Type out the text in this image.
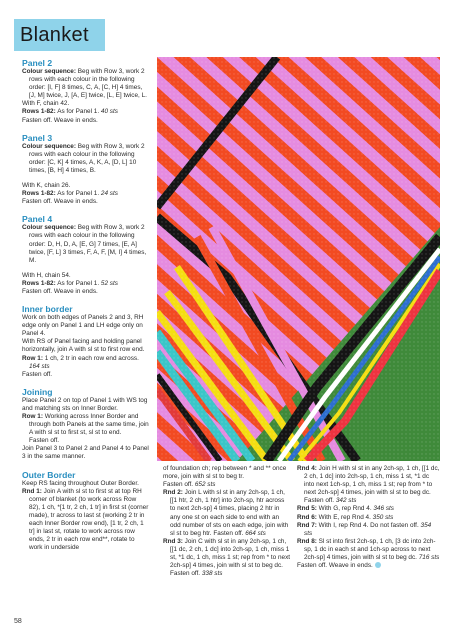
Blanket

Panel 2

Colour sequence: Beg with Row 3, work 2 rows with each colour in the following order: [I, F] 8 times, C, A, [C, H] 4 times, [J, M] twice, J, [A, E] twice, [L, E] twice, L.

With F, chain 42.

Rows 1-82: As for Panel 1. 40 sts

Fasten off. Weave in ends.

Panel 3

Colour sequence: Beg with Row 3, work 2 rows with each colour in the following order: [C, K] 4 times, A, K, A, [D, L] 10 times, [B, H] 4 times, B.

With K, chain 26.

Rows 1-82: As for Panel 1. 24 sts

Fasten off. Weave in ends.

Panel 4

Colour sequence: Beg with Row 3, work 2 rows with each colour in the following order: D, H, D, A, [E, G] 7 times, [E, A] twice, [F, L] 3 times, F, A, F, [M, I] 4 times, M.

With H, chain 54.

Rows 1-82: As for Panel 1. 52 sts

Fasten off. Weave in ends.

Inner border

Work on both edges of Panels 2 and 3, RH edge only on Panel 1 and LH edge only on Panel 4.

With RS of Panel facing and holding panel horizontally, join A with sl st to first row end.

Row 1: 1 ch, 2 tr in each row end across.

164 sts

Fasten off.

Joining

Place Panel 2 on top of Panel 1 with WS tog and matching sts on Inner Border.

Row 1: Working across Inner Border and through both Panels at the same time, join A with sl st to first st, sl st to end.

Fasten off.

Join Panel 3 to Panel 2 and Panel 4 to Panel 3 in the same manner.

Outer Border

Keep RS facing throughout Outer Border.

Rnd 1: Join A with sl st to first st at top RH corner of blanket (to work across Row 82), 1 ch, *[1 tr, 2 ch, 1 tr] in first st (corner made), tr across to last st (working 2 tr in each Inner Border row end), [1 tr, 2 ch, 1 tr] in last st, rotate to work across row ends, 2 tr in each row end**, rotate to work in underside

of foundation ch; rep between * and ** once more, join with sl st to beg tr.

Fasten off. 652 sts

Rnd 2: Join L with sl st in any 2ch-sp, 1 ch, [[1 htr, 2 ch, 1 htr] into 2ch-sp, htr across to next 2ch-sp] 4 times, placing 2 htr in any one st on each side to end with an odd number of sts on each edge, join with sl st to beg htr. Fasten off. 664 sts

Rnd 3: Join C with sl st in any 2ch-sp, 1 ch, [[1 dc, 2 ch, 1 dc] into 2ch-sp, 1 ch, miss 1 st, *1 dc, 1 ch, miss 1 st; rep from * to next 2ch-sp] 4 times, join with sl st to beg dc. Fasten off. 338 sts

Rnd 4: Join H with sl st in any 2ch-sp, 1 ch, [[1 dc, 2 ch, 1 dc] into 2ch-sp, 1 ch, miss 1 st, *1 dc into next 1ch-sp, 1 ch, miss 1 st; rep from * to next 2ch-sp] 4 times, join with sl st to beg dc. Fasten off. 342 sts

Rnd 5: With G, rep Rnd 4. 346 sts

Rnd 6: With E, rep Rnd 4. 350 sts

Rnd 7: With I, rep Rnd 4. Do not fasten off. 354 sts

Rnd 8: Sl st into first 2ch-sp, 1 ch, [3 dc into 2ch-sp, 1 dc in each st and 1ch-sp across to next 2ch-sp] 4 times, join with sl st to beg dc. 716 sts

Fasten off. Weave in ends.

58
